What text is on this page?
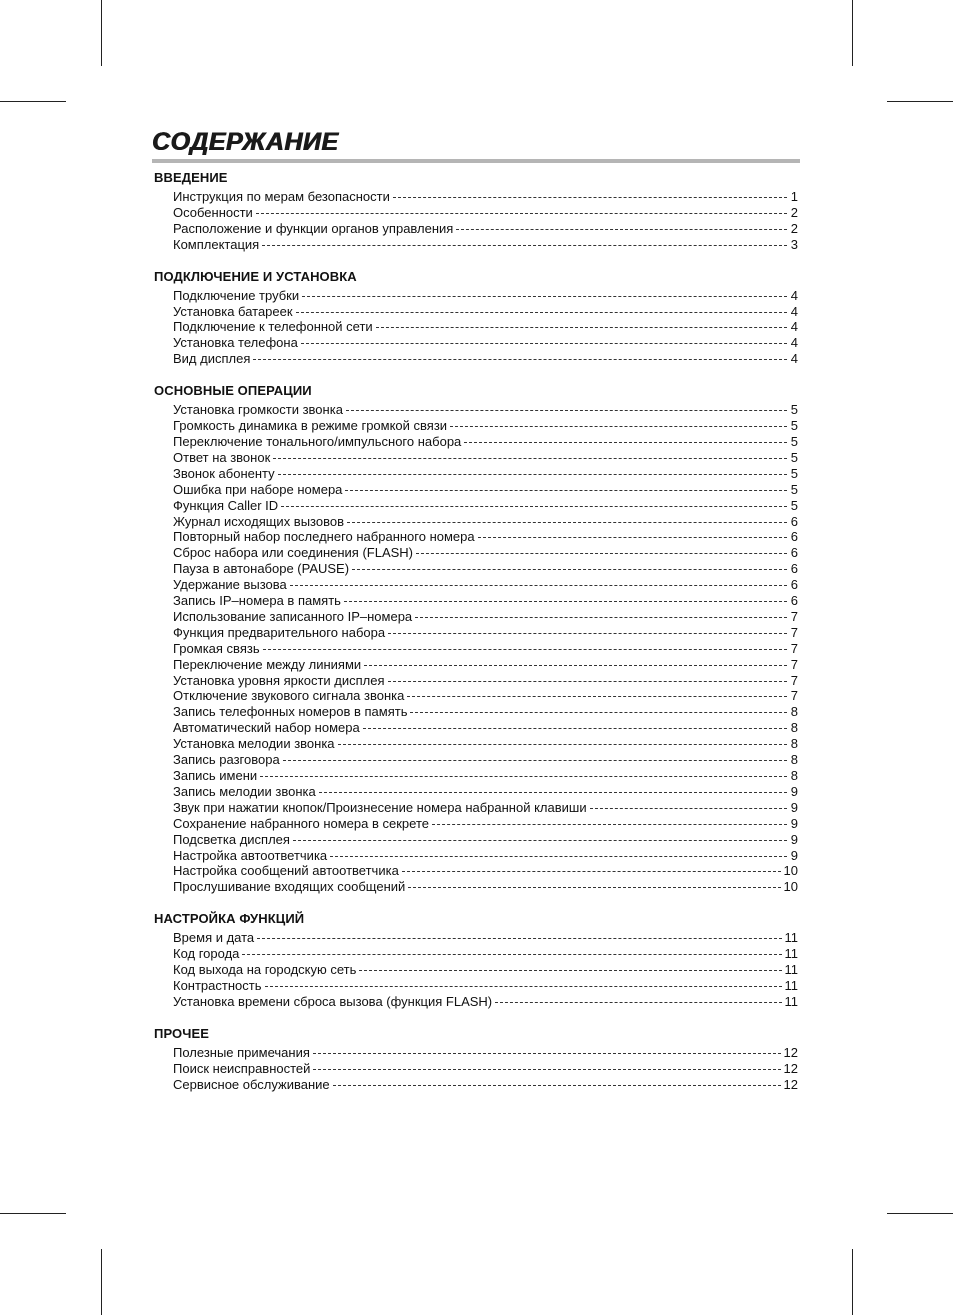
СОДЕРЖАНИЕ
ВВЕДЕНИЕ
Инструкция по мерам безопасности	1
Особенности	2
Расположение и функции органов управления	2
Комплектация	3
ПОДКЛЮЧЕНИЕ И УСТАНОВКА
Подключение трубки	4
Установка батареек	4
Подключение к телефонной сети	4
Установка телефона	4
Вид дисплея	4
ОСНОВНЫЕ ОПЕРАЦИИ
Установка громкости звонка	5
Громкость динамика в режиме громкой связи	5
Переключение тонального/импульсного набора	5
Ответ на звонок	5
Звонок абоненту	5
Ошибка при наборе номера	5
Функция Caller ID	5
Журнал исходящих вызовов	6
Повторный набор последнего набранного номера	6
Сброс набора или соединения (FLASH)	6
Пауза в автонаборе (PAUSE)	6
Удержание вызова	6
Запись IP–номера в память	6
Использование записанного IP–номера	7
Функция предварительного набора	7
Громкая связь	7
Переключение между линиями	7
Установка уровня яркости дисплея	7
Отключение звукового сигнала звонка	7
Запись телефонных номеров в память	8
Автоматический набор номера	8
Установка мелодии звонка	8
Запись разговора	8
Запись имени	8
Запись мелодии звонка	9
Звук при нажатии кнопок/Произнесение номера набранной клавиши	9
Сохранение набранного номера в секрете	9
Подсветка дисплея	9
Настройка автоответчика	9
Настройка сообщений автоответчика	10
Прослушивание входящих сообщений	10
НАСТРОЙКА ФУНКЦИЙ
Время и дата	11
Код города	11
Код выхода на городскую сеть	11
Контрастность	11
Установка времени сброса вызова (функция FLASH)	11
ПРОЧЕЕ
Полезные примечания	12
Поиск неисправностей	12
Сервисное обслуживание	12
